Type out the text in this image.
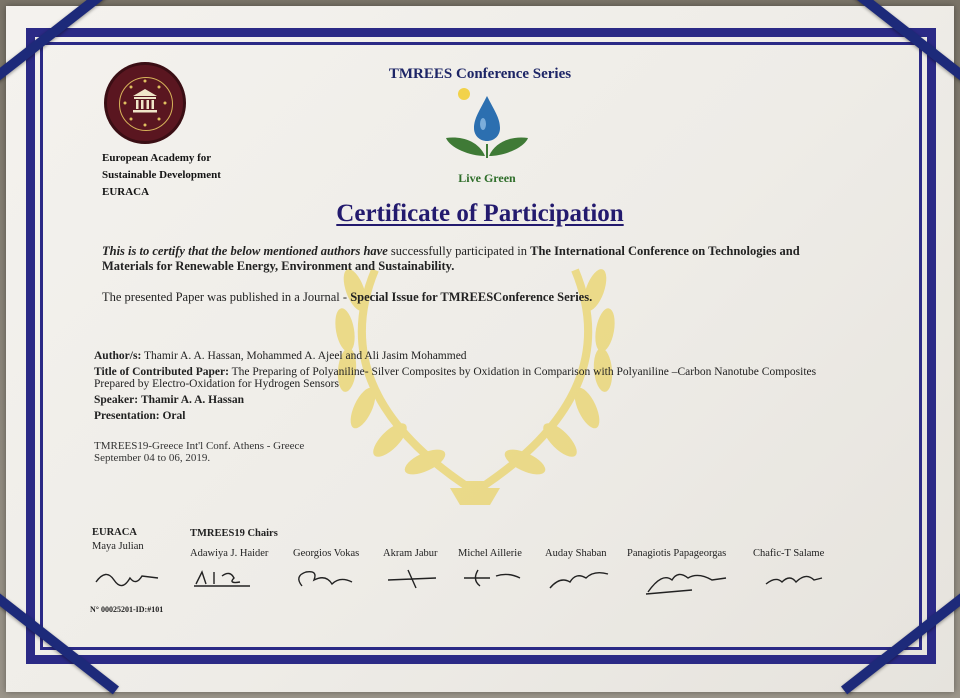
European Academy for
Sustainable Development
EURACA
TMREES Conference Series
Live Green
Certificate of Participation
This is to certify that the below mentioned authors have successfully participated in The International Conference on Technologies and Materials for Renewable Energy, Environment and Sustainability.
The presented Paper was published in a Journal - Special Issue for TMREESConference Series.
Author/s: Thamir A. A. Hassan, Mohammed A. Ajeel and Ali Jasim Mohammed
Title of Contributed Paper: The Preparing of Polyaniline- Silver Composites by Oxidation in Comparison with Polyaniline –Carbon Nanotube Composites Prepared by Electro-Oxidation for Hydrogen Sensors
Speaker: Thamir A. A. Hassan
Presentation: Oral
TMREES19-Greece Int'l Conf. Athens - Greece
September 04 to 06, 2019.
EURACA
Maya Julian
TMREES19 Chairs
Adawiya J. Haider Georgios Vokas Akram Jabur Michel Aillerie Auday Shaban Panagiotis Papageorgas	Chafic-T Salame
N° 00025201-ID:#101
